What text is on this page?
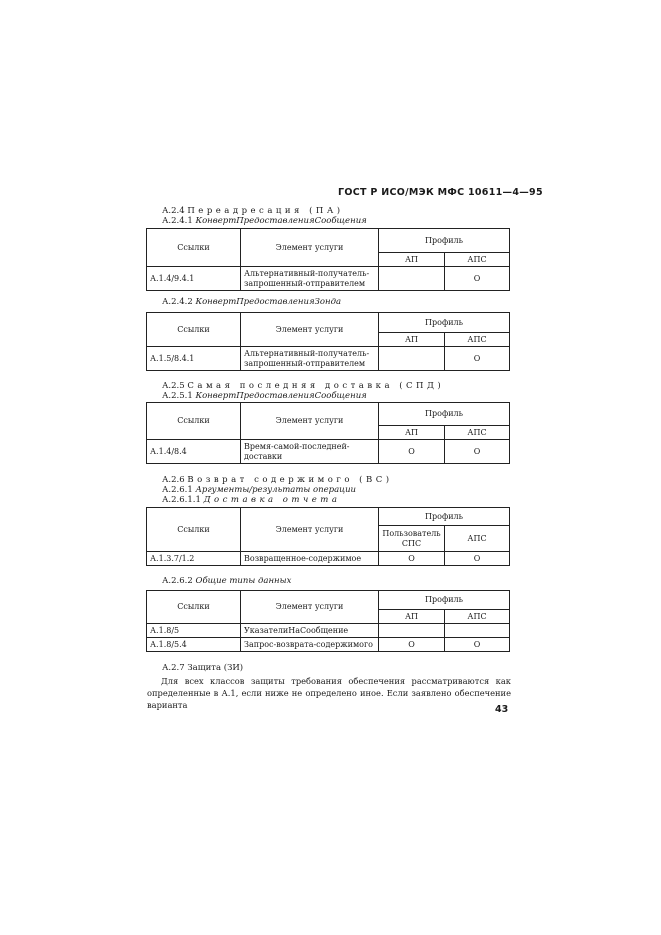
ГОСТ Р ИСО/МЭК МФС 10611—4—95
А.2.4 Переадресация (ПА)
А.2.4.1 КонвертПредоставленияСообщения
Ссылки	Элемент услуги	Профиль	
		АП	АПС
А.1.4/9.4.1	Альтернативный-получатель-запрошенный-отправителем		О
А.2.4.2 КонвертПредоставленияЗонда
Ссылки	Элемент услуги	Профиль	
		АП	АПС
А.1.5/8.4.1	Альтернативный-получатель-запрошенный-отправителем		О
А.2.5 Самая последняя доставка (СПД)
А.2.5.1 КонвертПредоставленияСообщения
Ссылки	Элемент услуги	Профиль	
		АП	АПС
А.1.4/8.4	Время-самой-последней-доставки	О	О
А.2.6 Возврат содержимого (ВС)
А.2.6.1 Аргументы/результаты операции
А.2.6.1.1 Доставка отчета
Ссылки	Элемент услуги	Профиль	
		Пользователь СПС	АПС
А.1.3.7/1.2	Возвращенное-содержимое	О	О
А.2.6.2 Общие типы данных
Ссылки	Элемент услуги	Профиль	
		АП	АПС
А.1.8/5	УказателиНаСообщение		
А.1.8/5.4	Запрос-возврата-содержимого	О	О
А.2.7 Защита (ЗИ)
Для всех классов защиты требования обеспечения рассматриваются как определенные в А.1, если ниже не определено иное. Если заявлено обеспечение варианта	43
